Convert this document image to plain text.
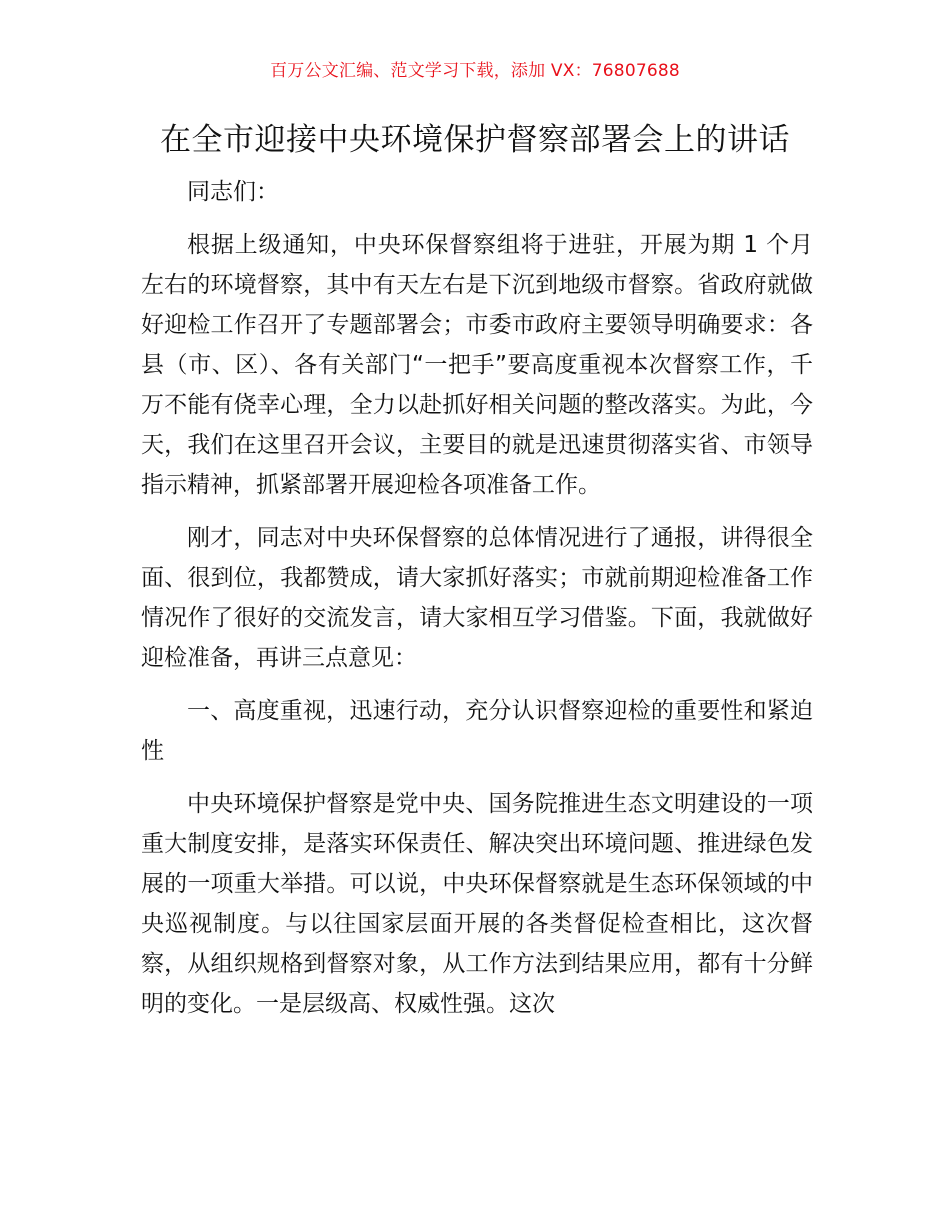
百万公文汇编、范文学习下载，添加 VX：76807688
在全市迎接中央环境保护督察部署会上的讲话

同志们：

根据上级通知，中央环保督察组将于进驻，开展为期 1 个月左右的环境督察，其中有天左右是下沉到地级市督察。省政府就做好迎检工作召开了专题部署会；市委市政府主要领导明确要求：各县（市、区）、各有关部门“一把手”要高度重视本次督察工作，千万不能有侥幸心理，全力以赴抓好相关问题的整改落实。为此，今天，我们在这里召开会议，主要目的就是迅速贯彻落实省、市领导指示精神，抓紧部署开展迎检各项准备工作。

刚才，同志对中央环保督察的总体情况进行了通报，讲得很全面、很到位，我都赞成，请大家抓好落实；市就前期迎检准备工作情况作了很好的交流发言，请大家相互学习借鉴。下面，我就做好迎检准备，再讲三点意见：

一、高度重视，迅速行动，充分认识督察迎检的重要性和紧迫性

中央环境保护督察是党中央、国务院推进生态文明建设的一项重大制度安排，是落实环保责任、解决突出环境问题、推进绿色发展的一项重大举措。可以说，中央环保督察就是生态环保领域的中央巡视制度。与以往国家层面开展的各类督促检查相比，这次督察，从组织规格到督察对象，从工作方法到结果应用，都有十分鲜明的变化。一是层级高、权威性强。这次
